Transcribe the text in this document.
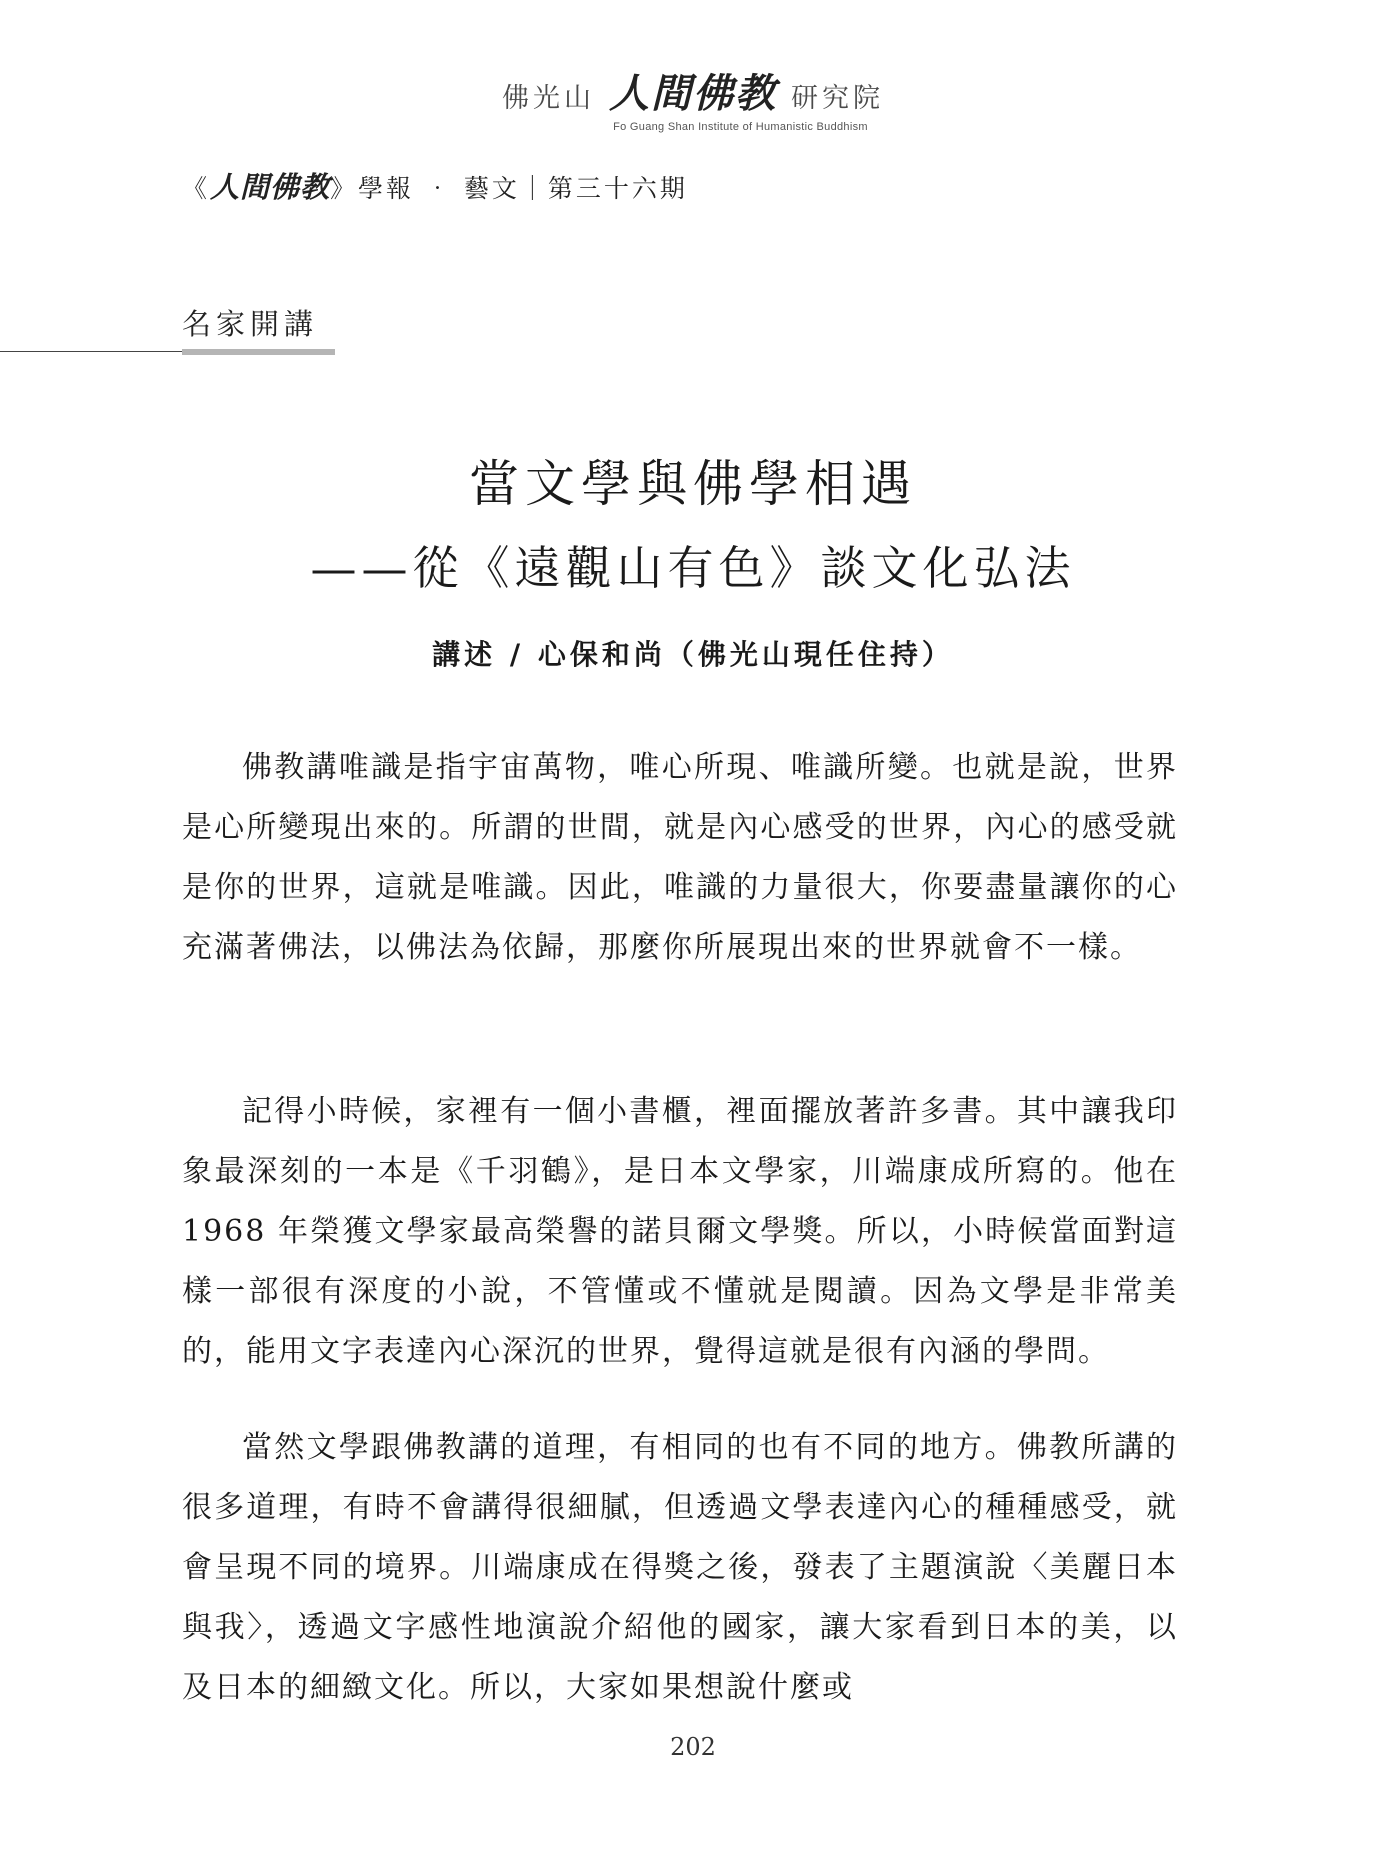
佛光山 人間佛教 研究院
Fo Guang Shan Institute of Humanistic Buddhism
《人間佛教》學報 ‧ 藝文｜第三十六期
名家開講
當文學與佛學相遇
——從《遠觀山有色》談文化弘法
講述 / 心保和尚（佛光山現任住持）

佛教講唯識是指宇宙萬物，唯心所現、唯識所變。也就是說，世界是心所變現出來的。所謂的世間，就是內心感受的世界，內心的感受就是你的世界，這就是唯識。因此，唯識的力量很大，你要盡量讓你的心充滿著佛法，以佛法為依歸，那麼你所展現出來的世界就會不一樣。

記得小時候，家裡有一個小書櫃，裡面擺放著許多書。其中讓我印象最深刻的一本是《千羽鶴》，是日本文學家，川端康成所寫的。他在 1968 年榮獲文學家最高榮譽的諾貝爾文學獎。所以，小時候當面對這樣一部很有深度的小說，不管懂或不懂就是閱讀。因為文學是非常美的，能用文字表達內心深沉的世界，覺得這就是很有內涵的學問。

當然文學跟佛教講的道理，有相同的也有不同的地方。佛教所講的很多道理，有時不會講得很細膩，但透過文學表達內心的種種感受，就會呈現不同的境界。川端康成在得獎之後，發表了主題演說〈美麗日本與我〉，透過文字感性地演說介紹他的國家，讓大家看到日本的美，以及日本的細緻文化。所以，大家如果想說什麼或

202
